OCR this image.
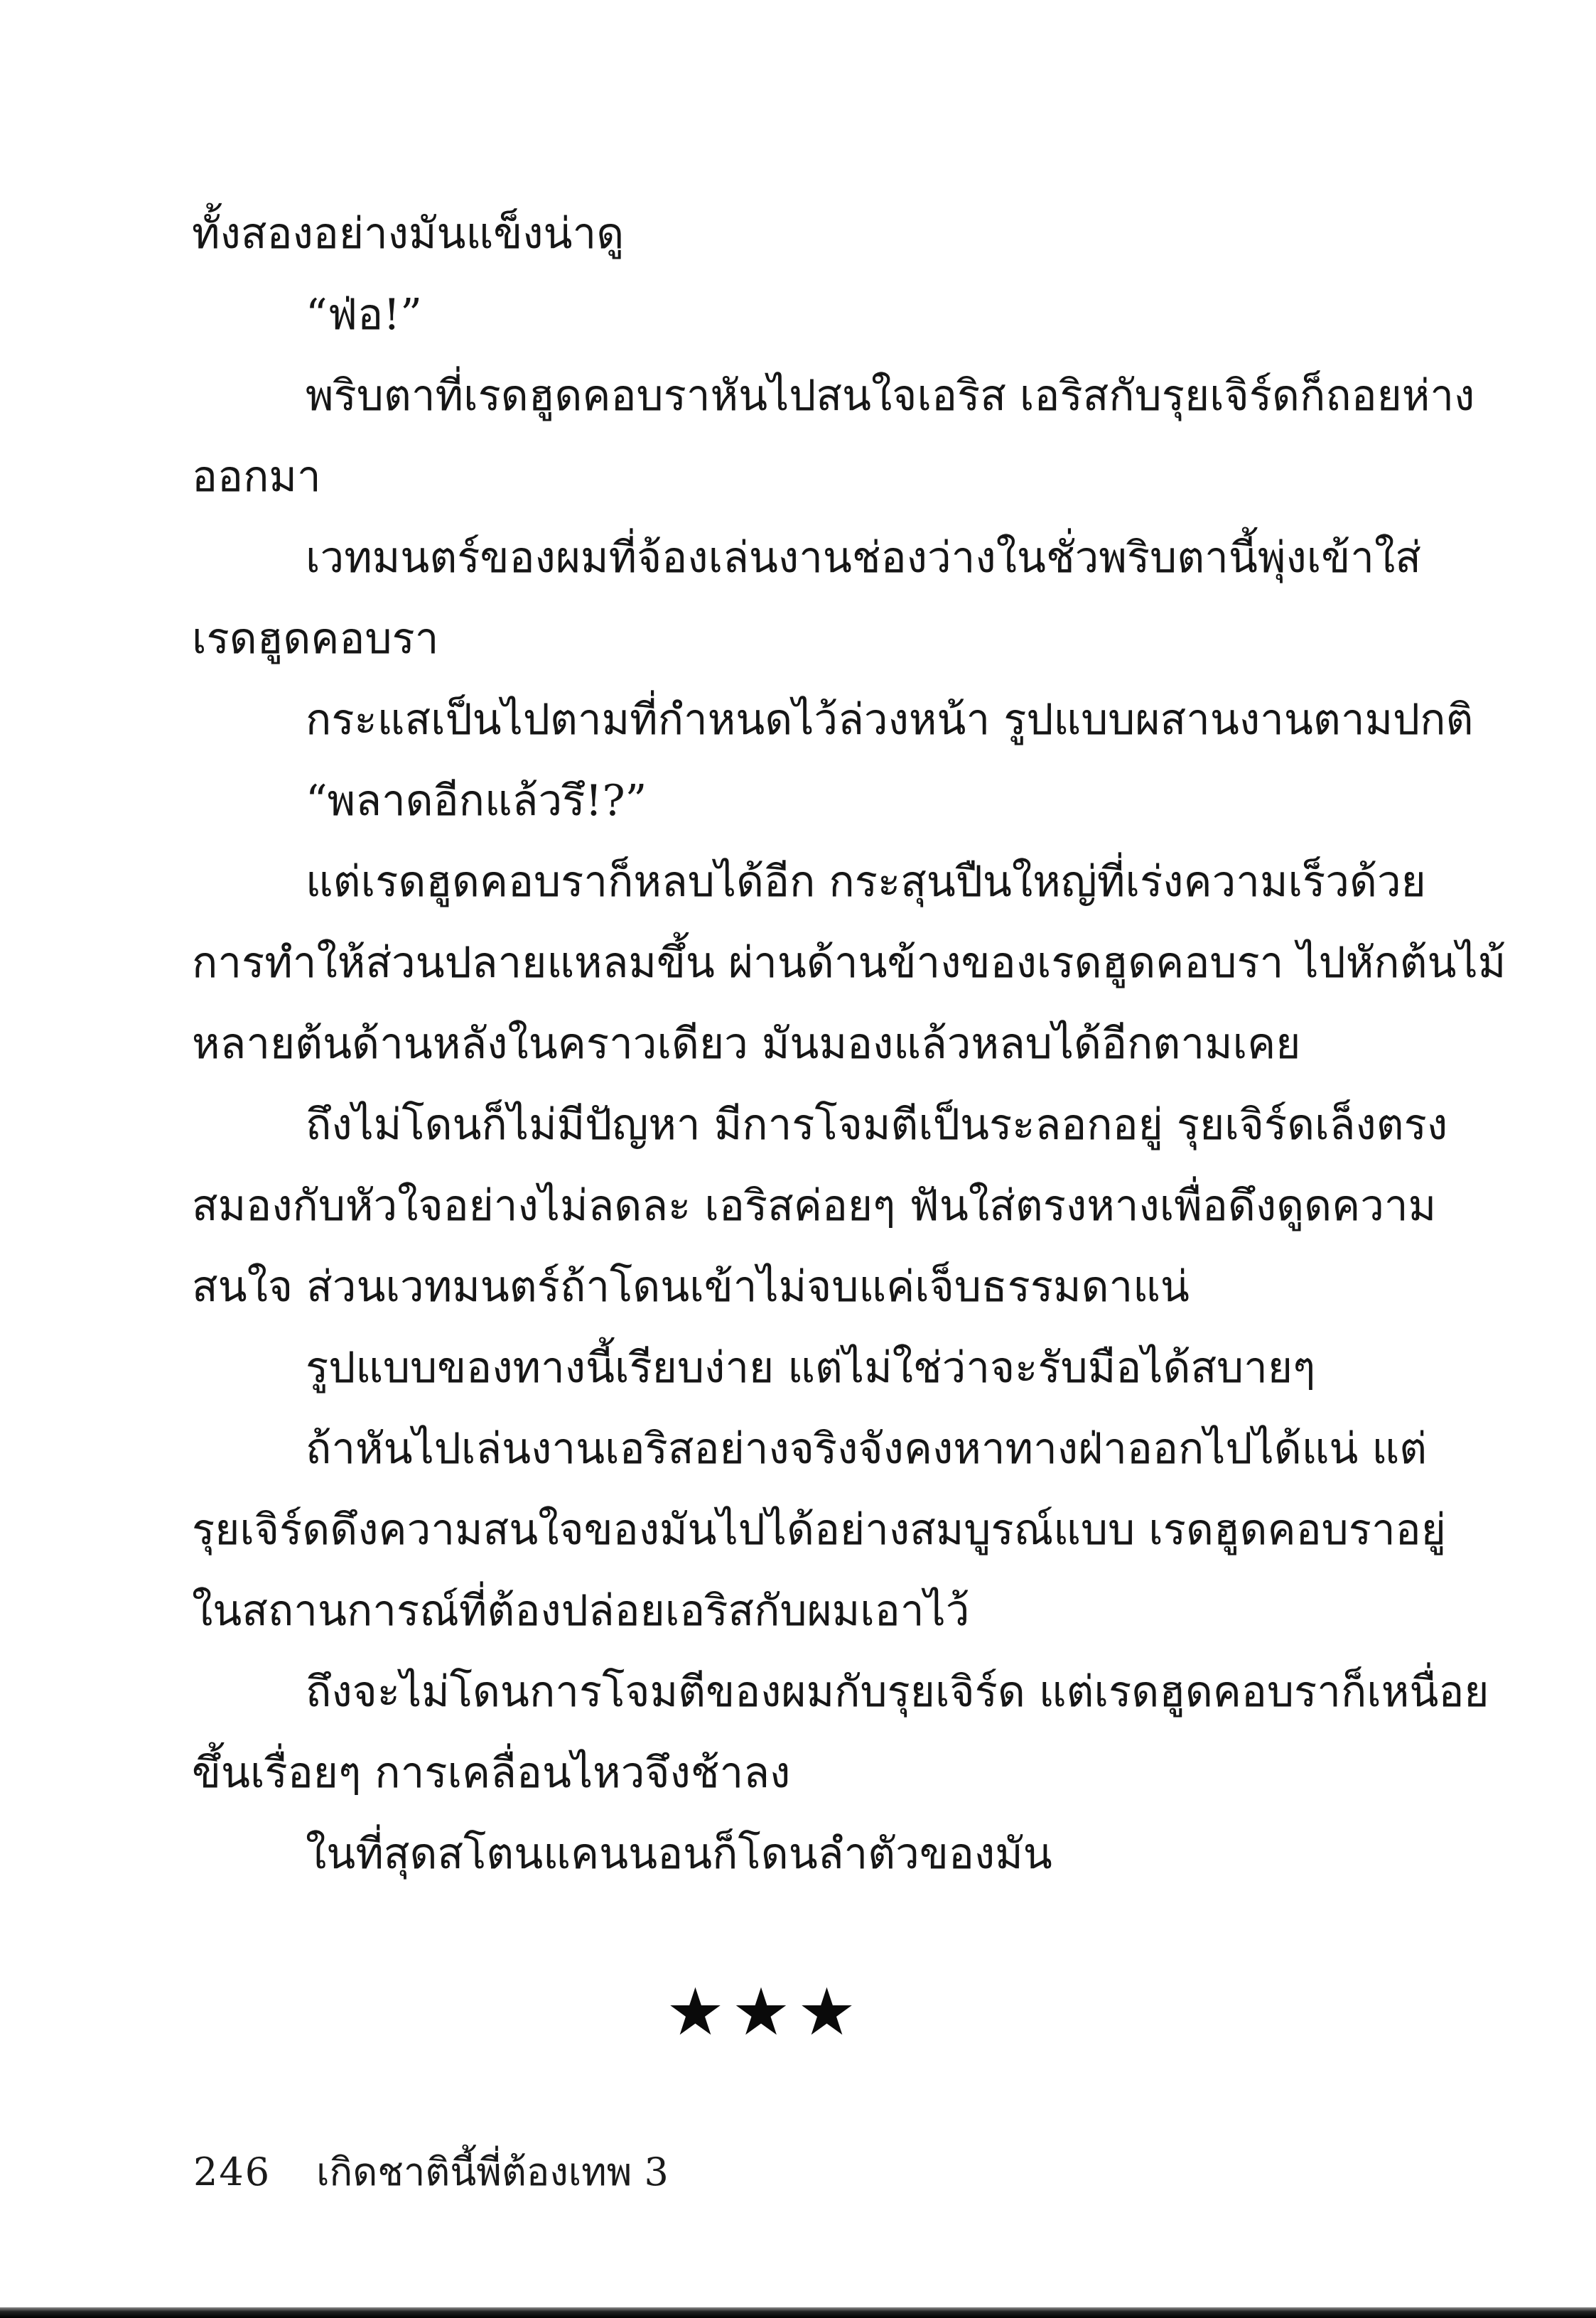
ทั้งสองอย่างมันแข็งน่าดู
“ฟ่อ!”
พริบตาที่เรดฮูดคอบราหันไปสนใจเอริส เอริสกับรุยเจิร์ดก็ถอยห่าง
ออกมา
เวทมนตร์ของผมที่จ้องเล่นงานช่องว่างในชั่วพริบตานี้พุ่งเข้าใส่
เรดฮูดคอบรา
กระแสเป็นไปตามที่กำหนดไว้ล่วงหน้า รูปแบบผสานงานตามปกติ
“พลาดอีกแล้วรึ!?”
แต่เรดฮูดคอบราก็หลบได้อีก กระสุนปืนใหญ่ที่เร่งความเร็วด้วย
การทำให้ส่วนปลายแหลมขึ้น ผ่านด้านข้างของเรดฮูดคอบรา ไปหักต้นไม้
หลายต้นด้านหลังในคราวเดียว มันมองแล้วหลบได้อีกตามเคย
ถึงไม่โดนก็ไม่มีปัญหา มีการโจมตีเป็นระลอกอยู่ รุยเจิร์ดเล็งตรง
สมองกับหัวใจอย่างไม่ลดละ เอริสค่อยๆ ฟันใส่ตรงหางเพื่อดึงดูดความ
สนใจ ส่วนเวทมนตร์ถ้าโดนเข้าไม่จบแค่เจ็บธรรมดาแน่
รูปแบบของทางนี้เรียบง่าย แต่ไม่ใช่ว่าจะรับมือได้สบายๆ
ถ้าหันไปเล่นงานเอริสอย่างจริงจังคงหาทางฝ่าออกไปได้แน่ แต่
รุยเจิร์ดดึงความสนใจของมันไปได้อย่างสมบูรณ์แบบ เรดฮูดคอบราอยู่
ในสถานการณ์ที่ต้องปล่อยเอริสกับผมเอาไว้
ถึงจะไม่โดนการโจมตีของผมกับรุยเจิร์ด แต่เรดฮูดคอบราก็เหนื่อย
ขึ้นเรื่อยๆ การเคลื่อนไหวจึงช้าลง
ในที่สุดสโตนแคนนอนก็โดนลำตัวของมัน
★★★
246 เกิดชาตินี้พี่ต้องเทพ 3
